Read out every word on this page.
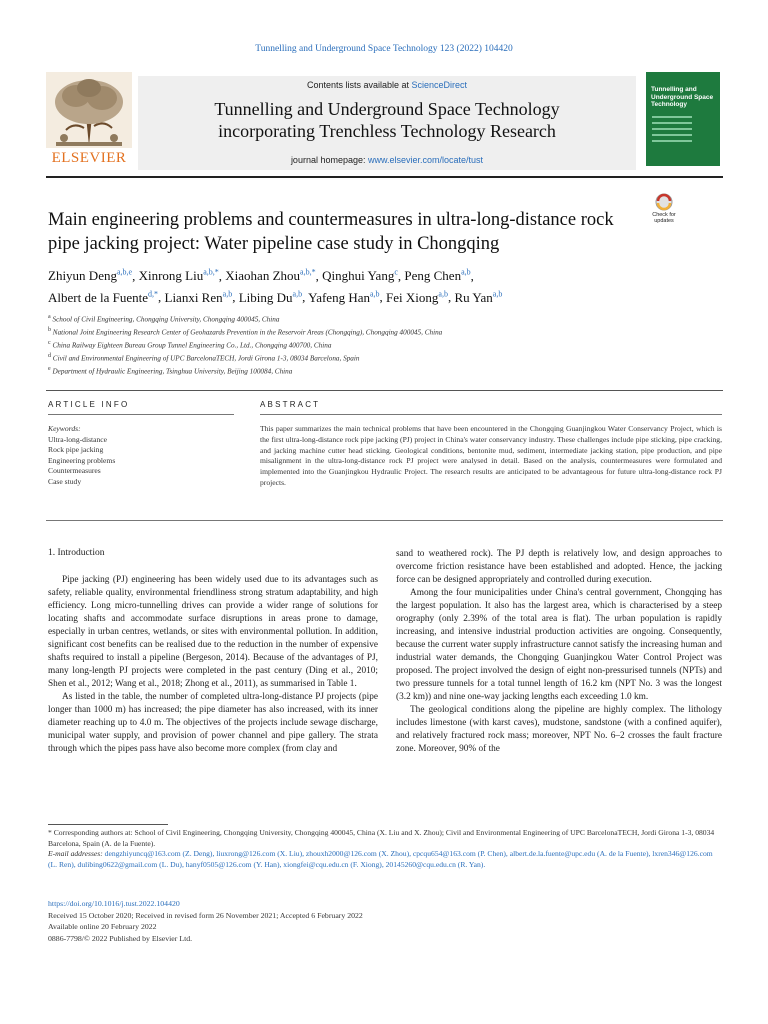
Tunnelling and Underground Space Technology 123 (2022) 104420
ELSEVIER
Contents lists available at ScienceDirect
Tunnelling and Underground Space Technology
incorporating Trenchless Technology Research
journal homepage: www.elsevier.com/locate/tust
Tunnelling and Underground Space Technology
Check for updates
Main engineering problems and countermeasures in ultra-long-distance rock pipe jacking project: Water pipeline case study in Chongqing
Zhiyun Deng$^{a,b,e}$, Xinrong Liu$^{a,b,*}$, Xiaohan Zhou$^{a,b,*}$, Qinghui Yang$^c$, Peng Chen$^{a,b}$,
Albert de la Fuente$^{d,*}$, Lianxi Ren$^{a,b}$, Libing Du$^{a,b}$, Yafeng Han$^{a,b}$, Fei Xiong$^{a,b}$, Ru Yan$^{a,b}$
$^a$ School of Civil Engineering, Chongqing University, Chongqing 400045, China
$^b$ National Joint Engineering Research Center of Geohazards Prevention in the Reservoir Areas (Chongqing), Chongqing 400045, China
$^c$ China Railway Eighteen Bureau Group Tunnel Engineering Co., Ltd., Chongqing 400700, China
$^d$ Civil and Environmental Engineering of UPC BarcelonaTECH, Jordi Girona 1-3, 08034 Barcelona, Spain
$^e$ Department of Hydraulic Engineering, Tsinghua University, Beijing 100084, China
ARTICLE INFO
Keywords:
Ultra-long-distance
Rock pipe jacking
Engineering problems
Countermeasures
Case study
ABSTRACT
This paper summarizes the main technical problems that have been encountered in the Chongqing Guanjingkou Water Conservancy Project, which is the first ultra-long-distance rock pipe jacking (PJ) project in China's water conservancy industry. These challenges include pipe sticking, pipe cracking, and jacking machine cutter head sticking. Geological conditions, bentonite mud, sediment, intermediate jacking station, pipe production, and pipe misalignment in the ultra-long-distance rock PJ project were analysed in detail. Based on the analysis, countermeasures were formulated and implemented into the Guanjingkou Hydraulic Project. The research results are anticipated to be advantageous for future ultra-long-distance rock PJ projects.
1. Introduction

Pipe jacking (PJ) engineering has been widely used due to its advantages such as safety, reliable quality, environmental friendliness strong stratum adaptability, and high efficiency. Long micro-tunnelling drives can provide a wider range of solutions for locating shafts and accommodate surface disruptions in areas prone to damage, especially in urban centres, wetlands, or sites with environmental pollution. In addition, significant cost benefits can be realised due to the reduction in the number of expensive shafts required to install a pipeline (Bergeson, 2014). Because of the advantages of PJ, many long-length PJ projects were completed in the past century (Ding et al., 2010; Shen et al., 2012; Wang et al., 2018; Zhong et al., 2011), as summarised in Table 1.

As listed in the table, the number of completed ultra-long-distance PJ projects (pipe longer than 1000 m) has increased; the pipe diameter has also increased, with its inner diameter reaching up to 4.0 m. The objectives of the projects include sewage discharge, municipal water supply, and provision of power channel and pipe gallery. The strata through which the pipes pass have also become more complex (from clay and

sand to weathered rock). The PJ depth is relatively low, and design approaches to overcome friction resistance have been established and adopted. Hence, the jacking force can be designed appropriately and controlled during execution.

Among the four municipalities under China's central government, Chongqing has the largest population. It also has the largest area, which is characterised by a steep orography (only 2.39% of the total area is flat). The urban population is rapidly increasing, and intensive industrial production activities are ongoing. Consequently, because the current water supply infrastructure cannot satisfy the increasing human and industrial water demands, the Chongqing Guanjingkou Water Control Project was proposed. The project involved the design of eight non-pressurised tunnels (NPTs) and two pressure tunnels for a total tunnel length of 16.2 km (NPT No. 3 was the longest (3.2 km)) and nine one-way jacking lengths each exceeding 1.0 km.

The geological conditions along the pipeline are highly complex. The lithology includes limestone (with karst caves), mudstone, sandstone (with a confined aquifer), and relatively fractured rock mass; moreover, NPT No. 6–2 crosses the fault fracture zone. Moreover, 90% of the

* Corresponding authors at: School of Civil Engineering, Chongqing University, Chongqing 400045, China (X. Liu and X. Zhou); Civil and Environmental Engineering of UPC BarcelonaTECH, Jordi Girona 1-3, 08034 Barcelona, Spain (A. de la Fuente).
E-mail addresses: dengzhiyuncq@163.com (Z. Deng), liuxrong@126.com (X. Liu), zhouxh2000@126.com (X. Zhou), cpcqu654@163.com (P. Chen), albert.de.la.fuente@upc.edu (A. de la Fuente), lxren346@126.com (L. Ren), dulibing0622@gmail.com (L. Du), hanyf0505@126.com (Y. Han), xiongfei@cqu.edu.cn (F. Xiong), 20145260@cqu.edu.cn (R. Yan).
https://doi.org/10.1016/j.tust.2022.104420
Received 15 October 2020; Received in revised form 26 November 2021; Accepted 6 February 2022
Available online 20 February 2022
0886-7798/© 2022 Published by Elsevier Ltd.
